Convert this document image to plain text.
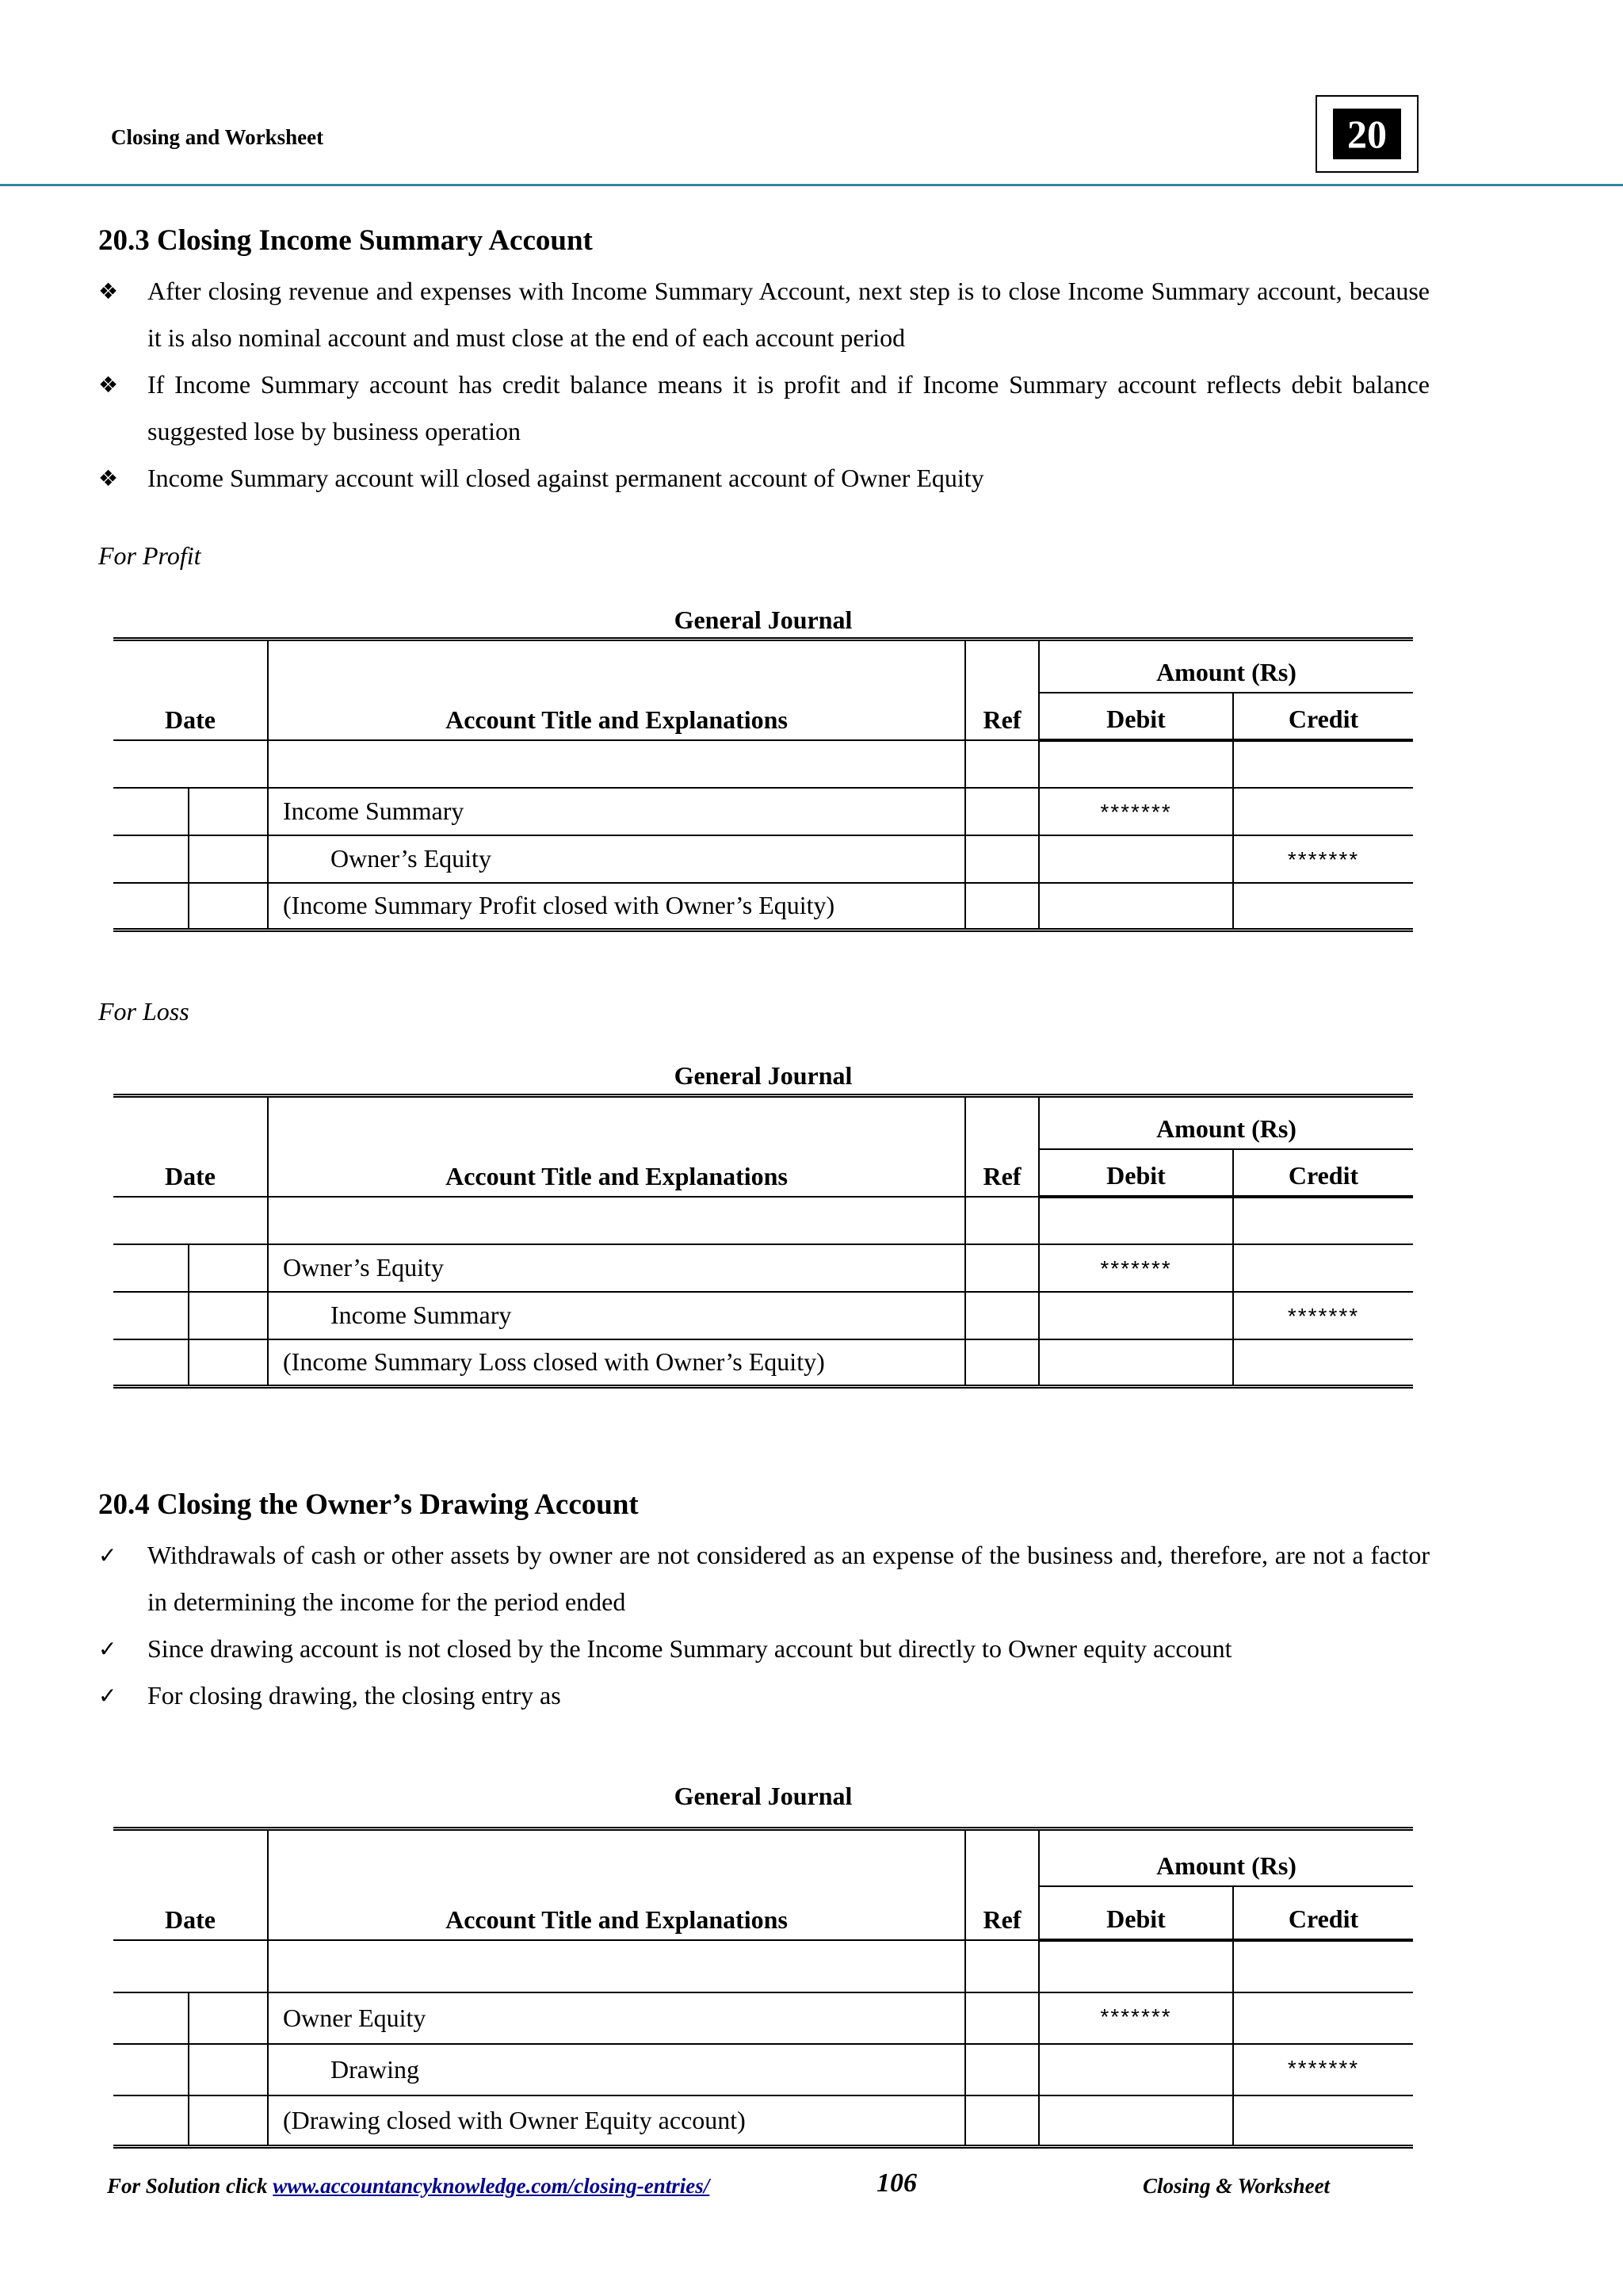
Closing and Worksheet	20
20.3 Closing Income Summary Account
❖	After closing revenue and expenses with Income Summary Account, next step is to close Income Summary account, because it is also nominal account and must close at the end of each account period
❖	If Income Summary account has credit balance means it is profit and if Income Summary account reflects debit balance suggested lose by business operation
❖	Income Summary account will closed against permanent account of Owner Equity
For Profit
General Journal
Date		Account Title and Explanations	Ref	Amount (Rs)	
				Debit	Credit

		Income Summary		*******	
		Owner’s Equity			*******
		(Income Summary Profit closed with Owner’s Equity)			
For Loss
General Journal
Date		Account Title and Explanations	Ref	Amount (Rs)	
				Debit	Credit

		Owner’s Equity		*******	
		Income Summary			*******
		(Income Summary Loss closed with Owner’s Equity)			
20.4 Closing the Owner’s Drawing Account
✓	Withdrawals of cash or other assets by owner are not considered as an expense of the business and, therefore, are not a factor in determining the income for the period ended
✓	Since drawing account is not closed by the Income Summary account but directly to Owner equity account
✓	For closing drawing, the closing entry as
General Journal
Date		Account Title and Explanations	Ref	Amount (Rs)	
				Debit	Credit

		Owner Equity		*******	
		Drawing			*******
		(Drawing closed with Owner Equity account)			
For Solution click www.accountancyknowledge.com/closing-entries/	106	Closing & Worksheet
